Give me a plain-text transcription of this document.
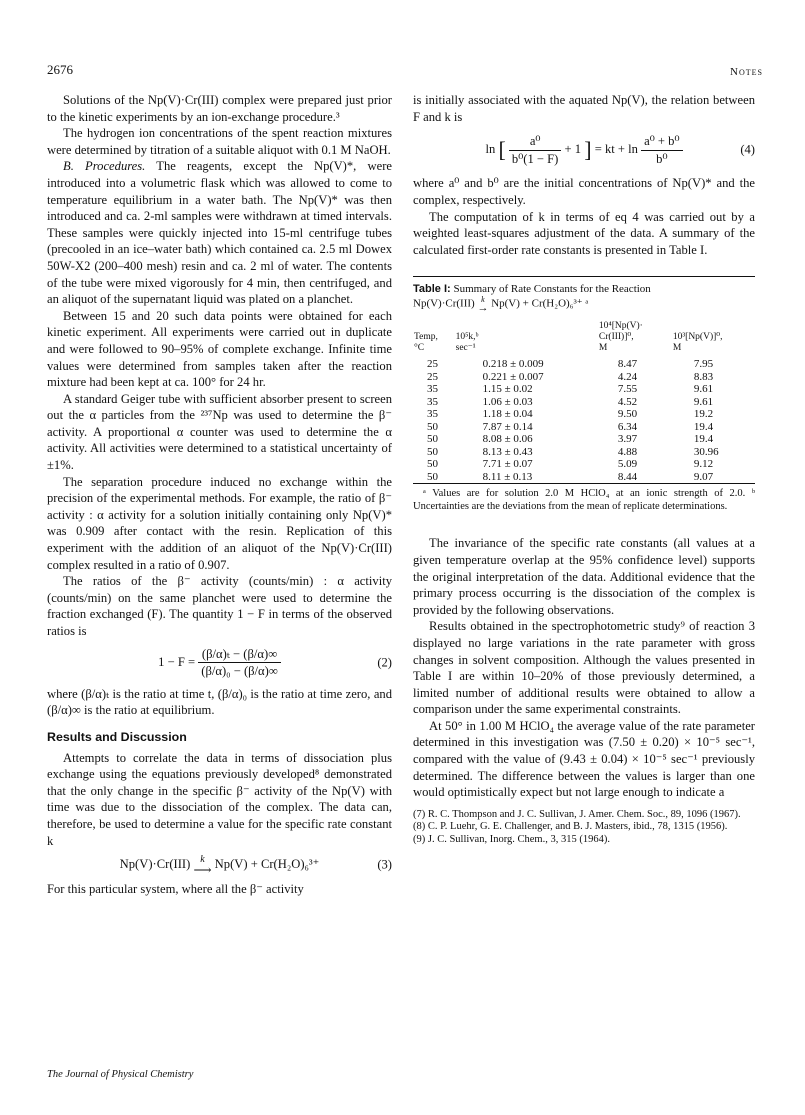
2676	Notes

Solutions of the Np(V)·Cr(III) complex were prepared just prior to the kinetic experiments by an ion-exchange procedure.³

The hydrogen ion concentrations of the spent reaction mixtures were determined by titration of a suitable aliquot with 0.1 M NaOH.

B. Procedures. The reagents, except the Np(V)*, were introduced into a volumetric flask which was allowed to come to temperature equilibrium in a water bath. The Np(V)* was then introduced and ca. 2-ml samples were withdrawn at timed intervals. These samples were quickly injected into 15-ml centrifuge tubes (precooled in an ice–water bath) which contained ca. 2.5 ml Dowex 50W-X2 (200–400 mesh) resin and ca. 2 ml of water. The contents of the tube were mixed vigorously for 4 min, then centrifuged, and an aliquot of the supernatant liquid was plated on a planchet.

Between 15 and 20 such data points were obtained for each kinetic experiment. All experiments were carried out in duplicate and were followed to 90–95% of complete exchange. Infinite time values were determined from samples taken after the reaction mixture had been kept at ca. 100° for 24 hr.

A standard Geiger tube with sufficient absorber present to screen out the α particles from the ²³⁷Np was used to determine the β⁻ activity. A proportional α counter was used to determine the α activity. All activities were determined to a statistical uncertainty of ±1%.

The separation procedure induced no exchange within the precision of the experimental methods. For example, the ratio of β⁻ activity : α activity for a solution initially containing only Np(V)* was 0.909 after contact with the resin. Replication of this experiment with the addition of an aliquot of the Np(V)·Cr(III) complex resulted in a ratio of 0.907.

The ratios of the β⁻ activity (counts/min) : α activity (counts/min) on the same planchet were used to determine the fraction exchanged (F). The quantity 1 − F in terms of the observed ratios is

$1 - F = \frac{\text{(β/α)ₜ − (β/α)∞}}{\text{(β/α)₀ − (β/α)∞}}$	(2)

where (β/α)ₜ is the ratio at time t, (β/α)₀ is the ratio at time zero, and (β/α)∞ is the ratio at equilibrium.

Results and Discussion

Attempts to correlate the data in terms of dissociation plus exchange using the equations previously developed⁸ demonstrated that the only change in the specific β⁻ activity of the Np(V) with time was due to the dissociation of the complex. The data can, therefore, be used to determine a value for the specific rate constant k

Np(V)·Cr(III) k
⟶ Np(V) + Cr(H₂O)₆³⁺	(3)

For this particular system, where all the β⁻ activity

is initially associated with the aquated Np(V), the relation between F and k is

ln [ $\frac{\text{a⁰}}{\text{b⁰(1 − F)}} + 1$ ] = kt + $\ln \frac{\text{a⁰ + b⁰}}{\text{b⁰}}$	(4)

where a⁰ and b⁰ are the initial concentrations of Np(V)* and the complex, respectively.

The computation of k in terms of eq 4 was carried out by a weighted least-squares adjustment of the data. A summary of the calculated first-order rate constants is presented in Table I.

Table I: Summary of Rate Constants for the Reaction
Np(V)·Cr(III) k
→ Np(V) + Cr(H₂O)₆³⁺ ᵃ
Temp,
°C	10⁵k,ᵇ
sec⁻¹	10⁴[Np(V)·
Cr(III)]⁰,
M	10³[Np(V)]⁰,
M
25	0.218 ± 0.009	8.47	7.95
25	0.221 ± 0.007	4.24	8.83
35	1.15 ± 0.02	7.55	9.61
35	1.06 ± 0.03	4.52	9.61
35	1.18 ± 0.04	9.50	19.2
50	7.87 ± 0.14	6.34	19.4
50	8.08 ± 0.06	3.97	19.4
50	8.13 ± 0.43	4.88	30.96
50	7.71 ± 0.07	5.09	9.12
50	8.11 ± 0.13	8.44	9.07
ᵃ Values are for solution 2.0 M HClO₄ at an ionic strength of 2.0. ᵇ Uncertainties are the deviations from the mean of replicate determinations.

The invariance of the specific rate constants (all values at a given temperature overlap at the 95% confidence level) supports the original interpretation of the data. Additional evidence that the primary process occurring is the dissociation of the complex is provided by the following observations.

Results obtained in the spectrophotometric study⁹ of reaction 3 displayed no large variations in the rate parameter with gross changes in solvent composition. Although the values presented in Table I are within 10–20% of those previously determined, a limited number of additional results were obtained to allow a comparison under the same experimental constraints.

At 50° in 1.00 M HClO₄ the average value of the rate parameter determined in this investigation was (7.50 ± 0.20) × 10⁻⁵ sec⁻¹, compared with the value of (9.43 ± 0.04) × 10⁻⁵ sec⁻¹ previously determined. The difference between the values is larger than one would optimistically expect but not large enough to indicate a

(7) R. C. Thompson and J. C. Sullivan, J. Amer. Chem. Soc., 89, 1096 (1967).
(8) C. P. Luehr, G. E. Challenger, and B. J. Masters, ibid., 78, 1315 (1956).
(9) J. C. Sullivan, Inorg. Chem., 3, 315 (1964).
The Journal of Physical Chemistry
